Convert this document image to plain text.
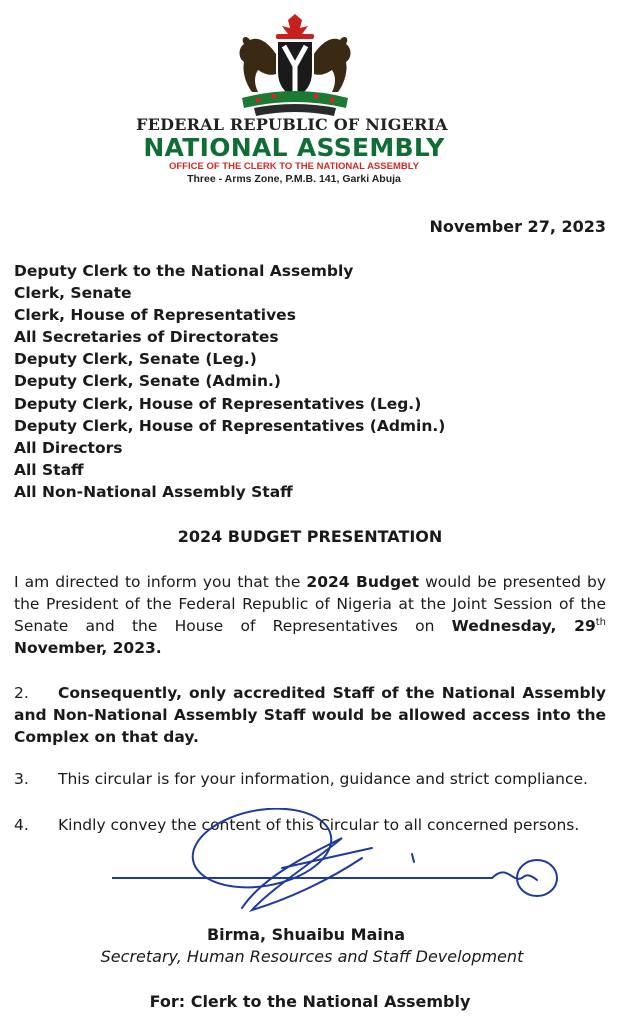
FEDERAL REPUBLIC OF NIGERIA
NATIONAL ASSEMBLY
OFFICE OF THE CLERK TO THE NATIONAL ASSEMBLY
Three - Arms Zone, P.M.B. 141, Garki Abuja
November 27, 2023
Deputy Clerk to the National Assembly
Clerk, Senate
Clerk, House of Representatives
All Secretaries of Directorates
Deputy Clerk, Senate (Leg.)
Deputy Clerk, Senate (Admin.)
Deputy Clerk, House of Representatives (Leg.)
Deputy Clerk, House of Representatives (Admin.)
All Directors
All Staff
All Non-National Assembly Staff
2024 BUDGET PRESENTATION

I am directed to inform you that the 2024 Budget would be presented by the President of the Federal Republic of Nigeria at the Joint Session of the Senate and the House of Representatives on Wednesday, 29th November, 2023.

2. Consequently, only accredited Staff of the National Assembly and Non-National Assembly Staff would be allowed access into the Complex on that day.

3. This circular is for your information, guidance and strict compliance.

4. Kindly convey the content of this Circular to all concerned persons.

Birma, Shuaibu Maina
Secretary, Human Resources and Staff Development
For: Clerk to the National Assembly
